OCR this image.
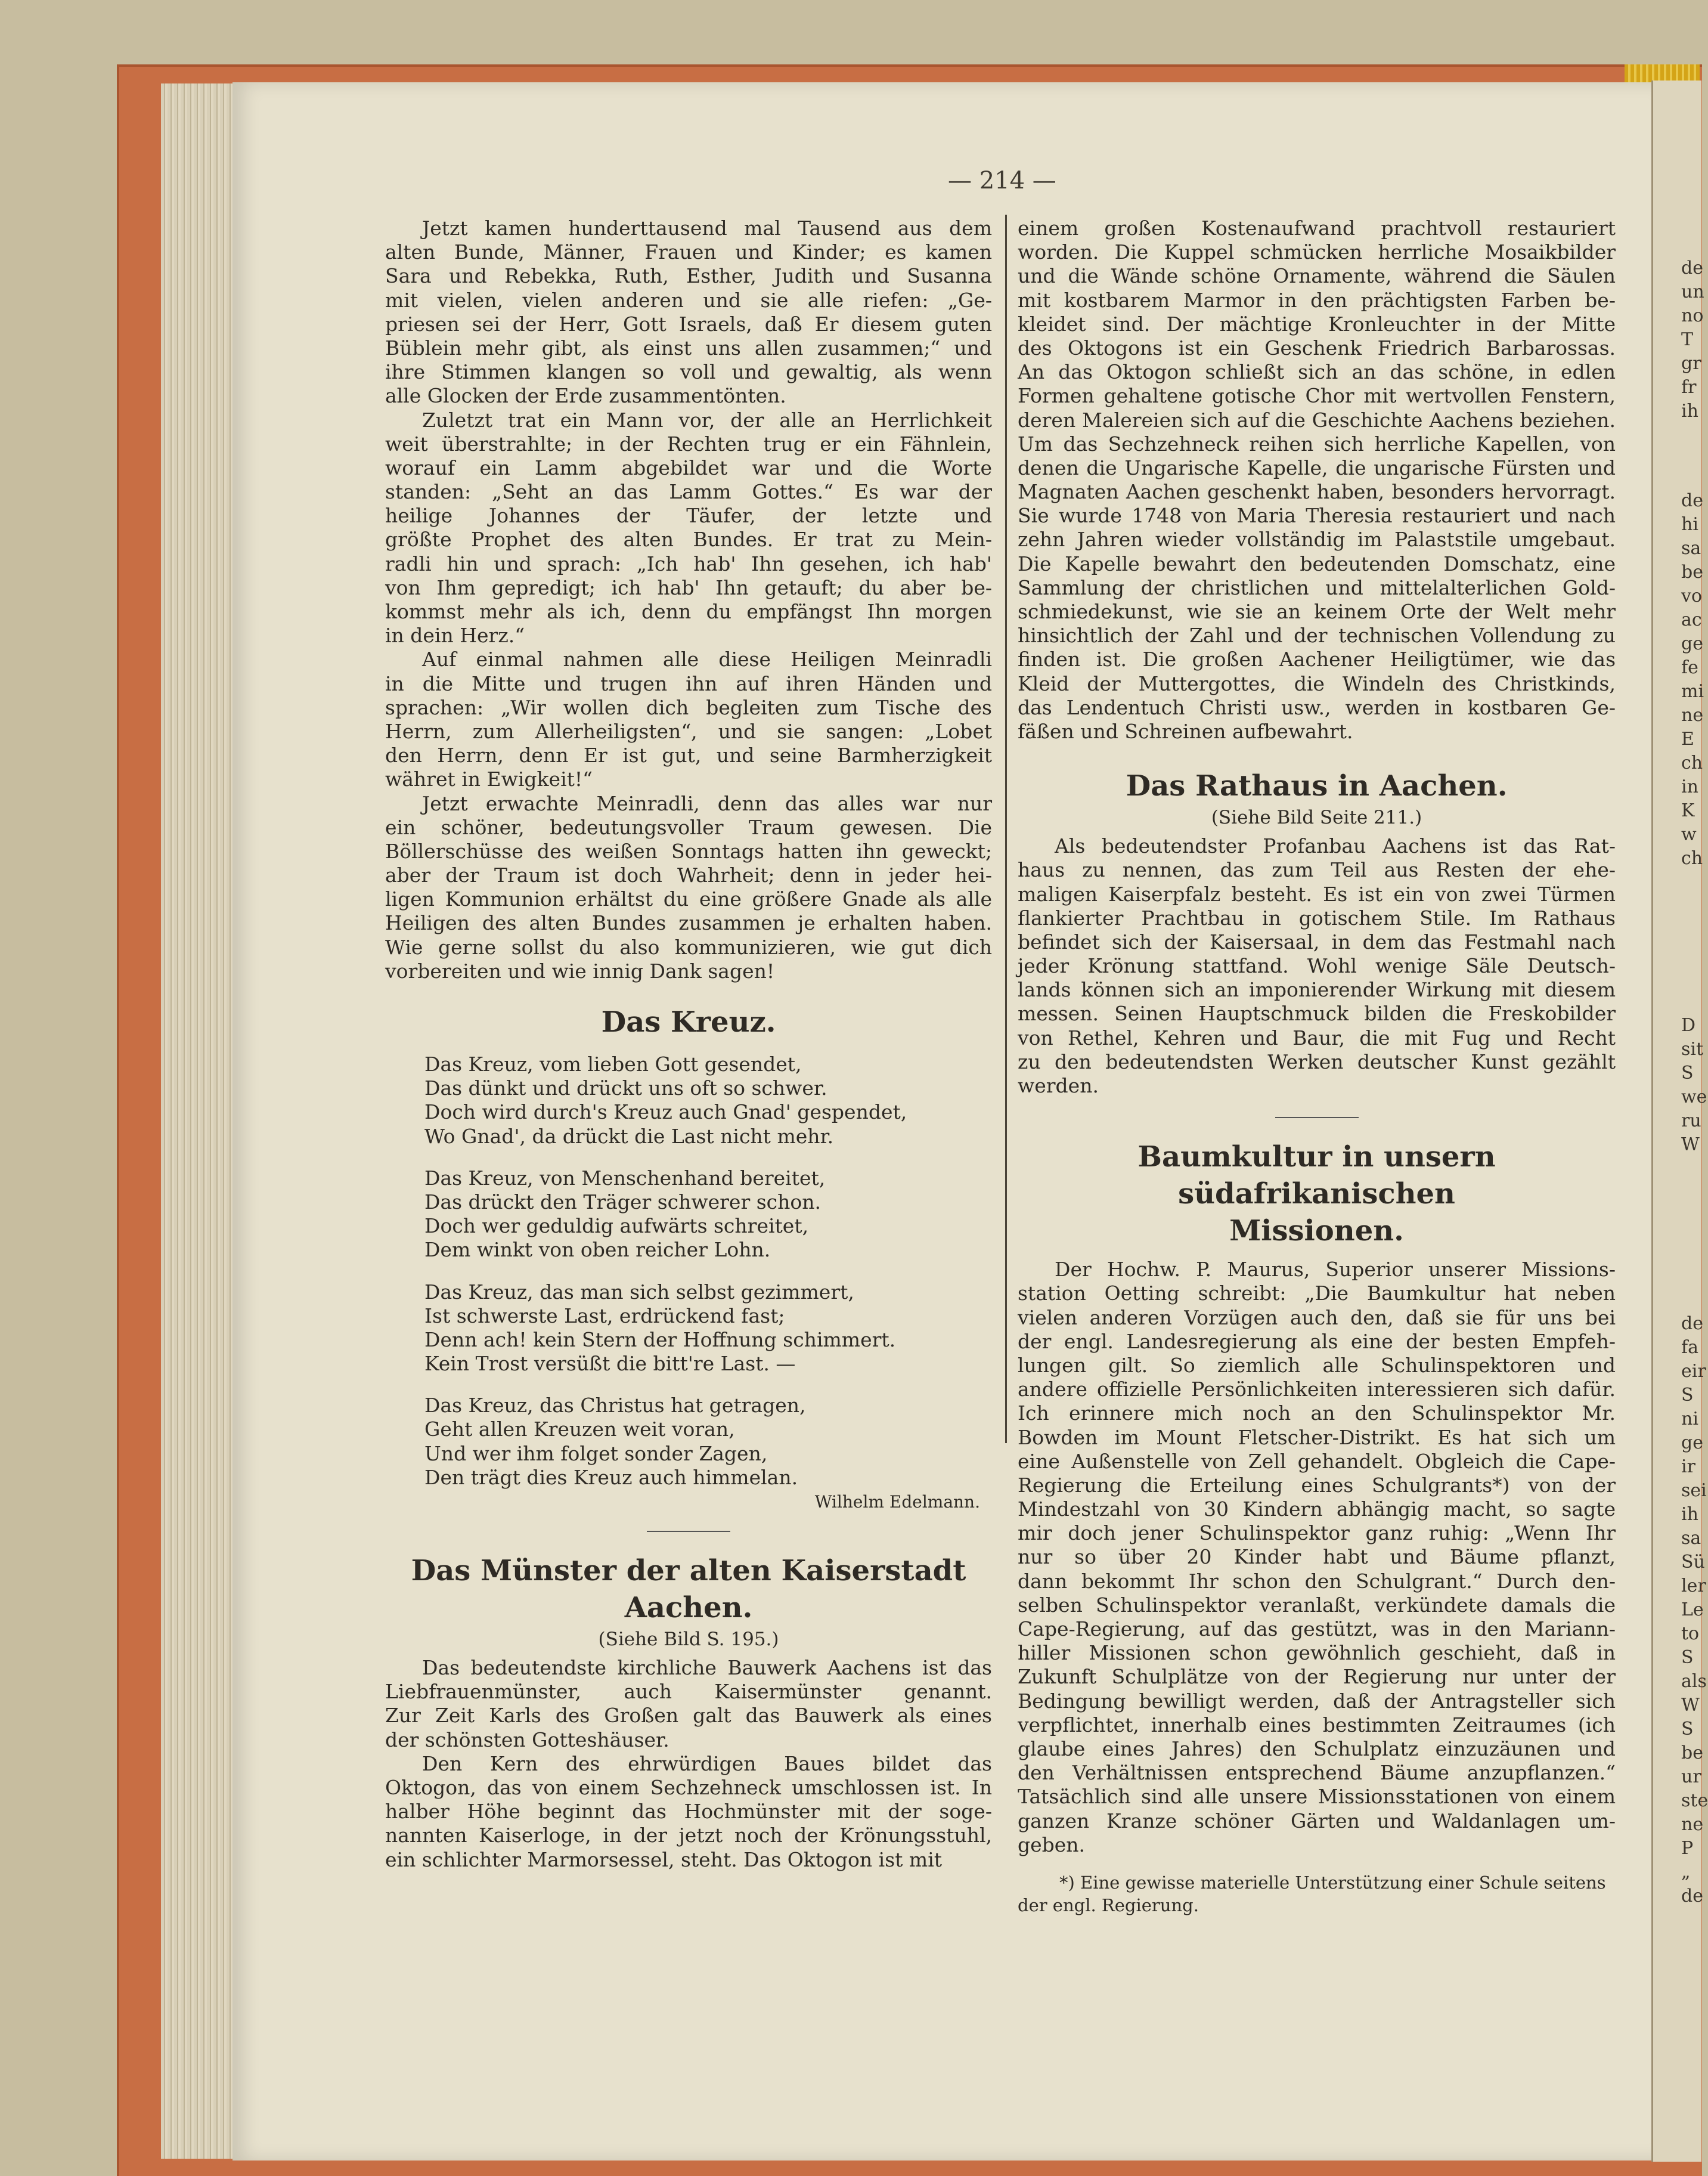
— 214 —

Jetzt kamen hunderttausend mal Tausend aus dem

alten Bunde, Männer, Frauen und Kinder; es kamen

Sara und Rebekka, Ruth, Esther, Judith und Susanna

mit vielen, vielen anderen und sie alle riefen: „Ge-

priesen sei der Herr, Gott Israels, daß Er diesem guten

Büblein mehr gibt, als einst uns allen zusammen;“ und

ihre Stimmen klangen so voll und gewaltig, als wenn

alle Glocken der Erde zusammentönten.

Zuletzt trat ein Mann vor, der alle an Herrlichkeit

weit überstrahlte; in der Rechten trug er ein Fähnlein,

worauf ein Lamm abgebildet war und die Worte

standen: „Seht an das Lamm Gottes.“ Es war der

heilige Johannes der Täufer, der letzte und

größte Prophet des alten Bundes. Er trat zu Mein-

radli hin und sprach: „Ich hab' Ihn gesehen, ich hab'

von Ihm gepredigt; ich hab' Ihn getauft; du aber be-

kommst mehr als ich, denn du empfängst Ihn morgen

in dein Herz.“

Auf einmal nahmen alle diese Heiligen Meinradli

in die Mitte und trugen ihn auf ihren Händen und

sprachen: „Wir wollen dich begleiten zum Tische des

Herrn, zum Allerheiligsten“, und sie sangen: „Lobet

den Herrn, denn Er ist gut, und seine Barmherzigkeit

währet in Ewigkeit!“

Jetzt erwachte Meinradli, denn das alles war nur

ein schöner, bedeutungsvoller Traum gewesen. Die

Böllerschüsse des weißen Sonntags hatten ihn geweckt;

aber der Traum ist doch Wahrheit; denn in jeder hei-

ligen Kommunion erhältst du eine größere Gnade als alle

Heiligen des alten Bundes zusammen je erhalten haben.

Wie gerne sollst du also kommunizieren, wie gut dich

vorbereiten und wie innig Dank sagen!

Das Kreuz.

Das Kreuz, vom lieben Gott gesendet,

Das dünkt und drückt uns oft so schwer.

Doch wird durch's Kreuz auch Gnad' gespendet,

Wo Gnad', da drückt die Last nicht mehr.

Das Kreuz, von Menschenhand bereitet,

Das drückt den Träger schwerer schon.

Doch wer geduldig aufwärts schreitet,

Dem winkt von oben reicher Lohn.

Das Kreuz, das man sich selbst gezimmert,

Ist schwerste Last, erdrückend fast;

Denn ach! kein Stern der Hoffnung schimmert.

Kein Trost versüßt die bitt're Last. —

Das Kreuz, das Christus hat getragen,

Geht allen Kreuzen weit voran,

Und wer ihm folget sonder Zagen,

Den trägt dies Kreuz auch himmelan.

Wilhelm Edelmann.
Das Münster der alten Kaiserstadt Aachen.
(Siehe Bild S. 195.)

Das bedeutendste kirchliche Bauwerk Aachens ist das

Liebfrauenmünster, auch Kaisermünster genannt.

Zur Zeit Karls des Großen galt das Bauwerk als eines

der schönsten Gotteshäuser.

Den Kern des ehrwürdigen Baues bildet das

Oktogon, das von einem Sechzehneck umschlossen ist. In

halber Höhe beginnt das Hochmünster mit der soge-

nannten Kaiserloge, in der jetzt noch der Krönungsstuhl,

ein schlichter Marmorsessel, steht. Das Oktogon ist mit

einem großen Kostenaufwand prachtvoll restauriert

worden. Die Kuppel schmücken herrliche Mosaikbilder

und die Wände schöne Ornamente, während die Säulen

mit kostbarem Marmor in den prächtigsten Farben be-

kleidet sind. Der mächtige Kronleuchter in der Mitte

des Oktogons ist ein Geschenk Friedrich Barbarossas.

An das Oktogon schließt sich an das schöne, in edlen

Formen gehaltene gotische Chor mit wertvollen Fenstern,

deren Malereien sich auf die Geschichte Aachens beziehen.

Um das Sechzehneck reihen sich herrliche Kapellen, von

denen die Ungarische Kapelle, die ungarische Fürsten und

Magnaten Aachen geschenkt haben, besonders hervorragt.

Sie wurde 1748 von Maria Theresia restauriert und nach

zehn Jahren wieder vollständig im Palaststile umgebaut.

Die Kapelle bewahrt den bedeutenden Domschatz, eine

Sammlung der christlichen und mittelalterlichen Gold-

schmiedekunst, wie sie an keinem Orte der Welt mehr

hinsichtlich der Zahl und der technischen Vollendung zu

finden ist. Die großen Aachener Heiligtümer, wie das

Kleid der Muttergottes, die Windeln des Christkinds,

das Lendentuch Christi usw., werden in kostbaren Ge-

fäßen und Schreinen aufbewahrt.

Das Rathaus in Aachen.
(Siehe Bild Seite 211.)

Als bedeutendster Profanbau Aachens ist das Rat-

haus zu nennen, das zum Teil aus Resten der ehe-

maligen Kaiserpfalz besteht. Es ist ein von zwei Türmen

flankierter Prachtbau in gotischem Stile. Im Rathaus

befindet sich der Kaisersaal, in dem das Festmahl nach

jeder Krönung stattfand. Wohl wenige Säle Deutsch-

lands können sich an imponierender Wirkung mit diesem

messen. Seinen Hauptschmuck bilden die Freskobilder

von Rethel, Kehren und Baur, die mit Fug und Recht

zu den bedeutendsten Werken deutscher Kunst gezählt

werden.

Baumkultur in unsern südafrikanischen
Missionen.

Der Hochw. P. Maurus, Superior unserer Missions-

station Oetting schreibt: „Die Baumkultur hat neben

vielen anderen Vorzügen auch den, daß sie für uns bei

der engl. Landesregierung als eine der besten Empfeh-

lungen gilt. So ziemlich alle Schulinspektoren und

andere offizielle Persönlichkeiten interessieren sich dafür.

Ich erinnere mich noch an den Schulinspektor Mr.

Bowden im Mount Fletscher-Distrikt. Es hat sich um

eine Außenstelle von Zell gehandelt. Obgleich die Cape-

Regierung die Erteilung eines Schulgrants*) von der

Mindestzahl von 30 Kindern abhängig macht, so sagte

mir doch jener Schulinspektor ganz ruhig: „Wenn Ihr

nur so über 20 Kinder habt und Bäume pflanzt,

dann bekommt Ihr schon den Schulgrant.“ Durch den-

selben Schulinspektor veranlaßt, verkündete damals die

Cape-Regierung, auf das gestützt, was in den Mariann-

hiller Missionen schon gewöhnlich geschieht, daß in

Zukunft Schulplätze von der Regierung nur unter der

Bedingung bewilligt werden, daß der Antragsteller sich

verpflichtet, innerhalb eines bestimmten Zeitraumes (ich

glaube eines Jahres) den Schulplatz einzuzäunen und

den Verhältnissen entsprechend Bäume anzupflanzen.“

Tatsächlich sind alle unsere Missionsstationen von einem

ganzen Kranze schöner Gärten und Waldanlagen um-

geben.

*) Eine gewisse materielle Unterstützung einer Schule seitens

der engl. Regierung.

de
un
no
T
gr
fr
ih
de
hi
sa
be
vo
ac
ge
fe
mi
ne
E
ch
in
K
w
ch
D
sit
S
we
ru
W
de
fa
eir
S
ni
ge
ir
sei
ih
sa
Sü
ler
Le
to
S
als
W
S
be
ur
ste
ne
P
„
de
